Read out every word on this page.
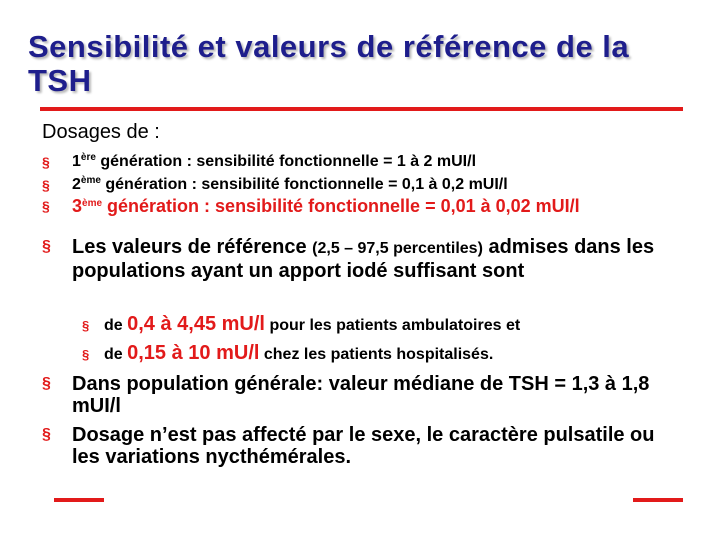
Sensibilité et valeurs de référence de la TSH
Dosages de :
§	1ère génération : sensibilité fonctionnelle = 1 à 2 mUI/l
§	2ème génération : sensibilité fonctionnelle = 0,1 à 0,2 mUI/l
§	3ème génération : sensibilité fonctionnelle = 0,01 à 0,02 mUI/l
§	Les valeurs de référence (2,5 – 97,5 percentiles) admises dans les populations ayant un apport iodé suffisant sont
§ de 0,4 à 4,45 mU/l pour les patients ambulatoires et
§ de 0,15 à 10 mU/l chez les patients hospitalisés.
§	Dans population générale: valeur médiane de TSH = 1,3 à 1,8 mUI/l
§	Dosage n’est pas affecté par le sexe, le caractère pulsatile ou les variations nycthémérales.
